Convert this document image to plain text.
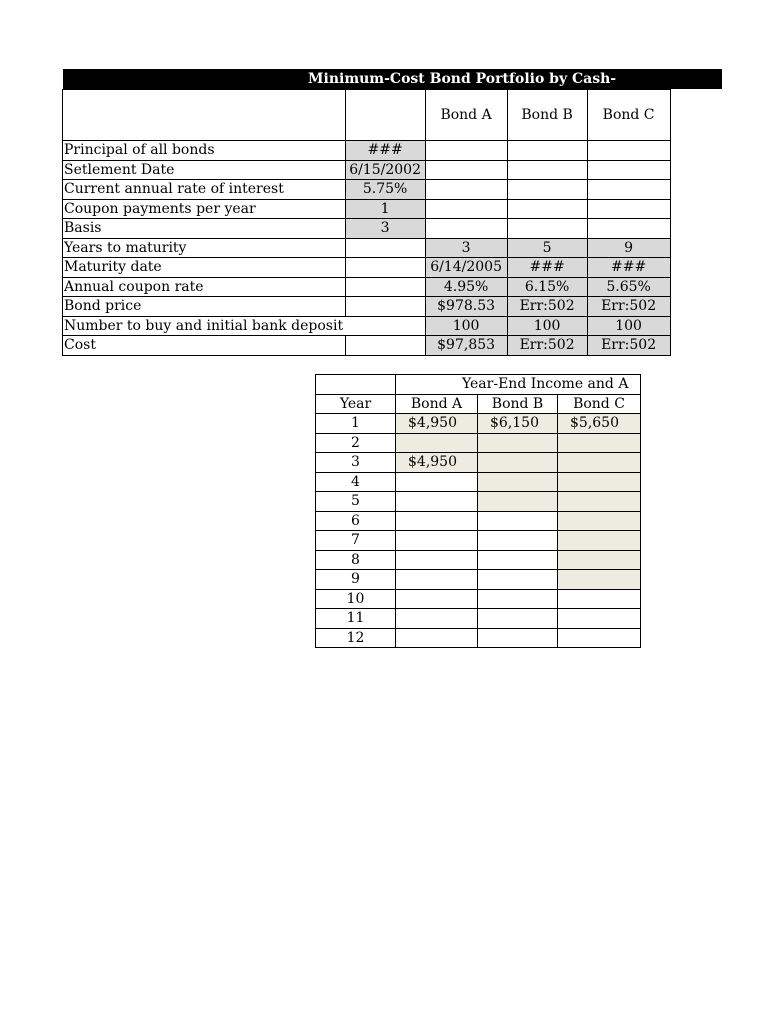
Minimum-Cost Bond Portfolio by Cash-
		Bond A	Bond B	Bond C
Principal of all bonds	###			
Setlement Date	6/15/2002			
Current annual rate of interest	5.75%			
Coupon payments per year	1			
Basis	3			
Years to maturity		3	5	9
Maturity date		6/14/2005	###	###
Annual coupon rate		4.95%	6.15%	5.65%
Bond price		$978.53	Err:502	Err:502
Number to buy and initial bank deposit		100	100	100
Cost		$97,853	Err:502	Err:502
	Year-End Income and A		
Year	Bond A	Bond B	Bond C
1	$4,950	$6,150	$5,650
2			
3	$4,950		
4			
5			
6			
7			
8			
9			
10			
11			
12			
